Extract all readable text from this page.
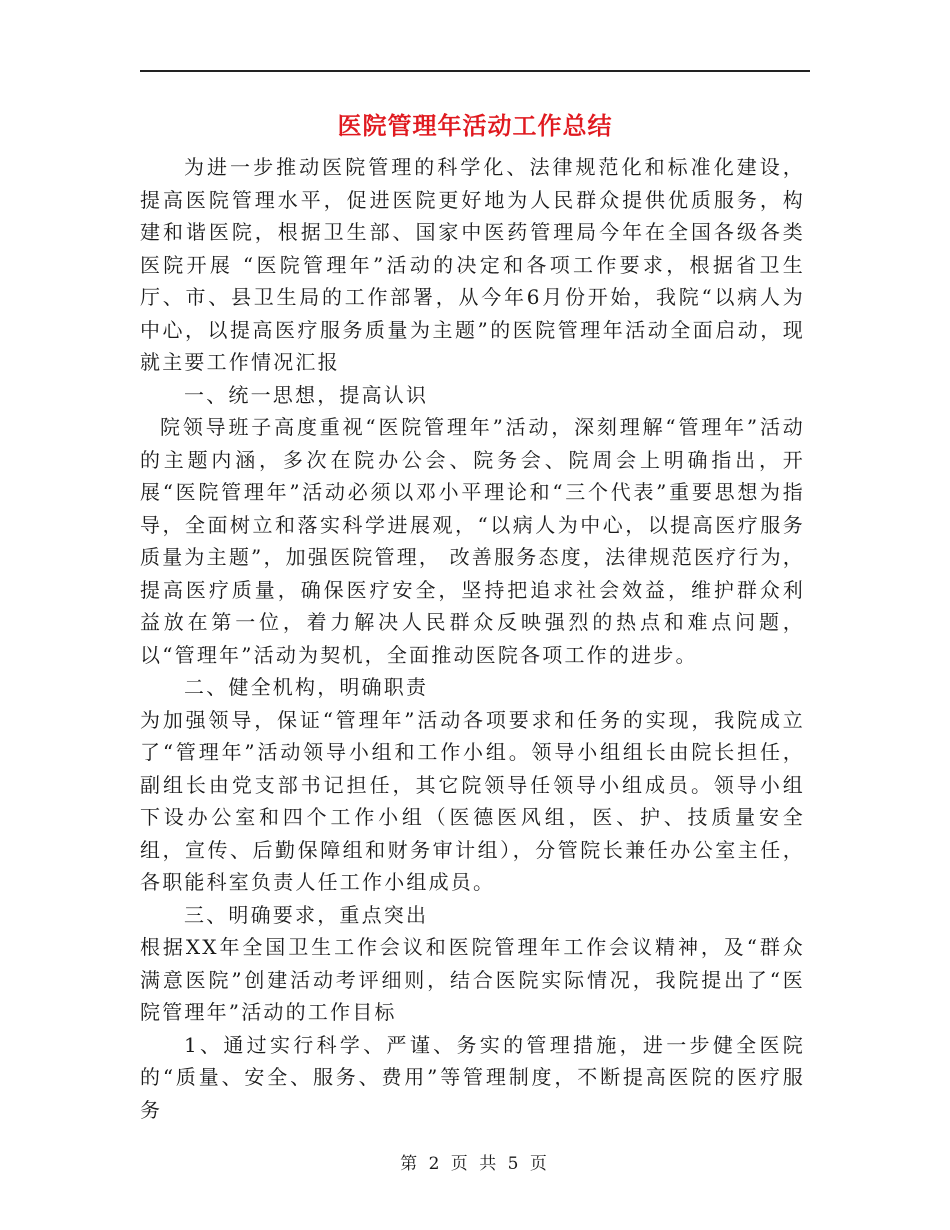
医院管理年活动工作总结

为进一步推动医院管理的科学化、法律规范化和标准化建设，提高医院管理水平，促进医院更好地为人民群众提供优质服务，构建和谐医院，根据卫生部、国家中医药管理局今年在全国各级各类医院开展 “医院管理年”活动的决定和各项工作要求，根据省卫生厅、市、县卫生局的工作部署，从今年6月份开始，我院“以病人为中心，以提高医疗服务质量为主题”的医院管理年活动全面启动，现就主要工作情况汇报

一、统一思想，提高认识

院领导班子高度重视“医院管理年”活动，深刻理解“管理年”活动的主题内涵，多次在院办公会、院务会、院周会上明确指出，开展“医院管理年”活动必须以邓小平理论和“三个代表”重要思想为指导，全面树立和落实科学进展观，“以病人为中心，以提高医疗服务质量为主题”，加强医院管理， 改善服务态度，法律规范医疗行为，提高医疗质量，确保医疗安全，坚持把追求社会效益，维护群众利益放在第一位，着力解决人民群众反映强烈的热点和难点问题，以“管理年”活动为契机，全面推动医院各项工作的进步。

二、健全机构，明确职责

为加强领导，保证“管理年”活动各项要求和任务的实现，我院成立了“管理年”活动领导小组和工作小组。领导小组组长由院长担任，副组长由党支部书记担任，其它院领导任领导小组成员。领导小组下设办公室和四个工作小组（医德医风组，医、护、技质量安全组，宣传、后勤保障组和财务审计组），分管院长兼任办公室主任，各职能科室负责人任工作小组成员。

三、明确要求，重点突出

根据XX年全国卫生工作会议和医院管理年工作会议精神，及“群众满意医院”创建活动考评细则，结合医院实际情况，我院提出了“医院管理年”活动的工作目标

1、通过实行科学、严谨、务实的管理措施，进一步健全医院的“质量、安全、服务、费用”等管理制度，不断提高医院的医疗服务

第 2 页 共 5 页
